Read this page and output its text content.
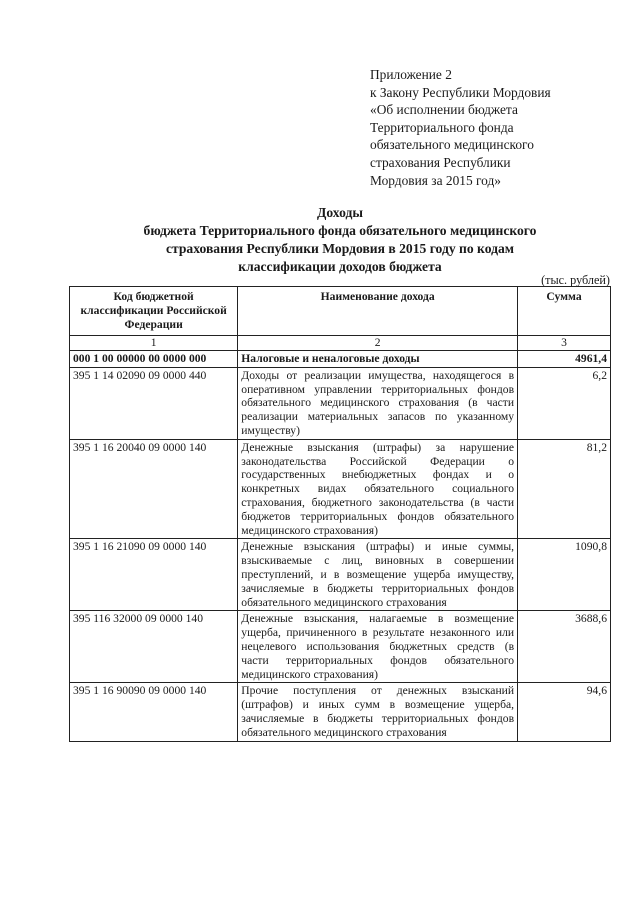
Приложение 2
к Закону Республики Мордовия
«Об исполнении бюджета
Территориального фонда
обязательного медицинского
страхования Республики
Мордовия за 2015 год»
Доходы
бюджета Территориального фонда обязательного медицинского
страхования Республики Мордовия в 2015 году по кодам
классификации доходов бюджета
(тыс. рублей)
Код бюджетной классификации Российской Федерации	Наименование дохода	Сумма
1	2	3
000 1 00 00000 00 0000 000	Налоговые и неналоговые доходы	4961,4
395 1 14 02090 09 0000 440	Доходы от реализации имущества, находящегося в оперативном управлении территориальных фондов обязательного медицинского страхования (в части реализации материальных запасов по указанному имуществу)	6,2
395 1 16 20040 09 0000 140	Денежные взыскания (штрафы) за нарушение законодательства Российской Федерации о государственных внебюджетных фондах и о конкретных видах обязательного социального страхования, бюджетного законодательства (в части бюджетов территориальных фондов обязательного медицинского страхования)	81,2
395 1 16 21090 09 0000 140	Денежные взыскания (штрафы) и иные суммы, взыскиваемые с лиц, виновных в совершении преступлений, и в возмещение ущерба имуществу, зачисляемые в бюджеты территориальных фондов обязательного медицинского страхования	1090,8
395 116 32000 09 0000 140	Денежные взыскания, налагаемые в возмещение ущерба, причиненного в результате незаконного или нецелевого использования бюджетных средств (в части территориальных фондов обязательного медицинского страхования)	3688,6
395 1 16 90090 09 0000 140	Прочие поступления от денежных взысканий (штрафов) и иных сумм в возмещение ущерба, зачисляемые в бюджеты территориальных фондов обязательного медицинского страхования	94,6
